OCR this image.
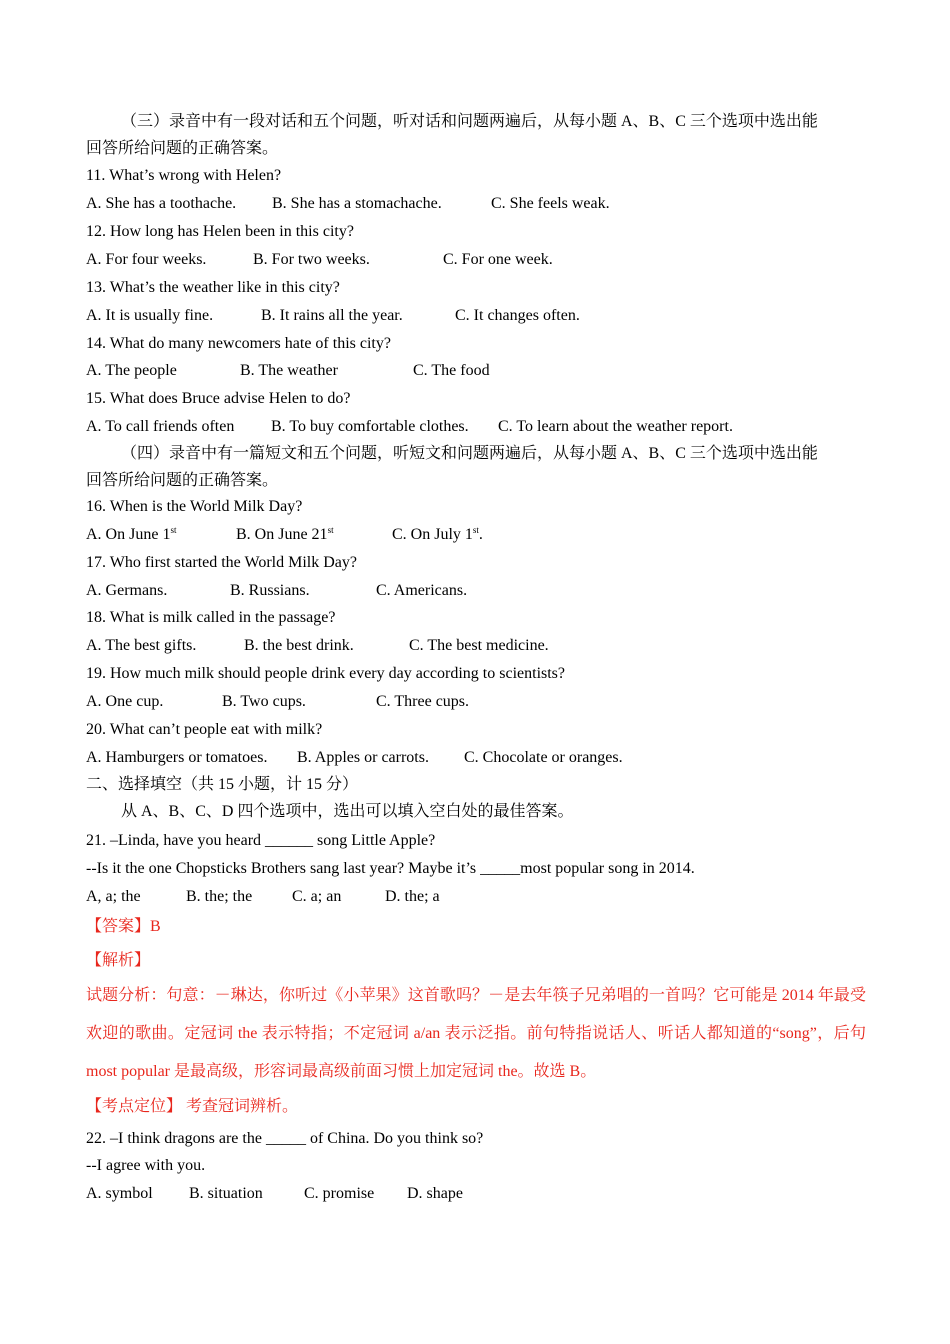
（三）录音中有一段对话和五个问题，听对话和问题两遍后，从每小题 A、B、C 三个选项中选出能

回答所给问题的正确答案。

11. What’s wrong with Helen?

A. She has a toothache.

B. She has a stomachache.

	C. She feels weak.

12. How long has Helen been in this city?

A. For four weeks.

	B. For two weeks.

	C. For one week.

13. What’s the weather like in this city?

A. It is usually fine.

	B. It rains all the year.

	C. It changes often.

14. What do many newcomers hate of this city?

A. The people

	B. The weather

	C. The food

15. What does Bruce advise Helen to do?

A. To call friends often

B. To buy comfortable clothes.

C. To learn about the weather report.

（四）录音中有一篇短文和五个问题，听短文和问题两遍后，从每小题 A、B、C 三个选项中选出能

回答所给问题的正确答案。

16. When is the World Milk Day?

A. On June 1st

	B. On June 21st

	C. On July 1st.

17. Who first started the World Milk Day?

A. Germans.

	B. Russians.

	C. Americans.

18. What is milk called in the passage?

A. The best gifts.

	B. the best drink.

	C. The best medicine.

19. How much milk should people drink every day according to scientists?

A. One cup.

	B. Two cups.

	C. Three cups.

20. What can’t people eat with milk?

A. Hamburgers or tomatoes.

B. Apples or carrots.

C. Chocolate or oranges.

二、选择填空（共 15 小题，计 15 分）

从 A、B、C、D 四个选项中，选出可以填入空白处的最佳答案。

21. –Linda, have you heard ______ song Little Apple?

--Is it the one Chopsticks Brothers sang last year? Maybe it’s _____most popular song in 2014.

A, a; the

	B. the; the

C. a; an

	D. the; a

【答案】B

【解析】

试题分析：句意：－琳达，你听过《小苹果》这首歌吗？－是去年筷子兄弟唱的一首吗？它可能是 2014 年最受欢迎的歌曲。定冠词 the 表示特指；不定冠词 a/an 表示泛指。前句特指说话人、听话人都知道的“song”，后句 most popular 是最高级，形容词最高级前面习惯上加定冠词 the。故选 B。

【考点定位】 考查冠词辨析。

22. –I think dragons are the _____ of China. Do you think so?

--I agree with you.

A. symbol

B. situation

	C. promise

D. shape
